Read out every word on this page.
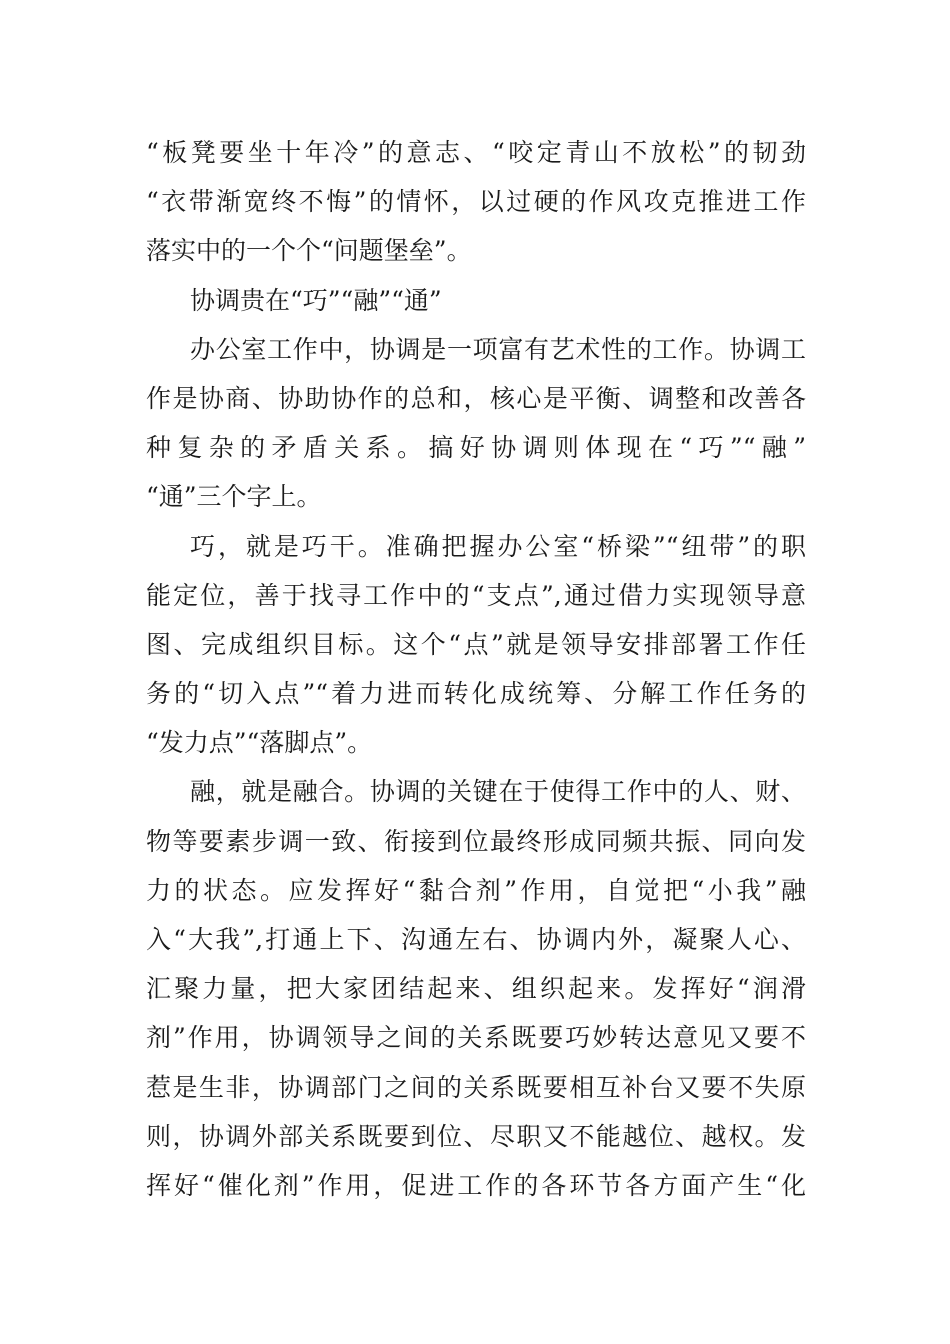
“板凳要坐十年冷”的意志、“咬定青山不放松”的韧劲
“衣带渐宽终不悔”的情怀，以过硬的作风攻克推进工作
落实中的一个个“问题堡垒”。
协调贵在“巧”“融”“通”
办公室工作中，协调是一项富有艺术性的工作。协调工
作是协商、协助协作的总和，核心是平衡、调整和改善各
种复杂的矛盾关系。搞好协调则体现在“巧”“融”
“通”三个字上。
巧，就是巧干。准确把握办公室“桥梁”“纽带”的职
能定位，善于找寻工作中的“支点”,通过借力实现领导意
图、完成组织目标。这个“点”就是领导安排部署工作任
务的“切入点”“着力进而转化成统筹、分解工作任务的
“发力点”“落脚点”。
融，就是融合。协调的关键在于使得工作中的人、财、
物等要素步调一致、衔接到位最终形成同频共振、同向发
力的状态。应发挥好“黏合剂”作用，自觉把“小我”融
入“大我”,打通上下、沟通左右、协调内外，凝聚人心、
汇聚力量，把大家团结起来、组织起来。发挥好“润滑
剂”作用，协调领导之间的关系既要巧妙转达意见又要不
惹是生非，协调部门之间的关系既要相互补台又要不失原
则，协调外部关系既要到位、尽职又不能越位、越权。发
挥好“催化剂”作用，促进工作的各环节各方面产生“化
